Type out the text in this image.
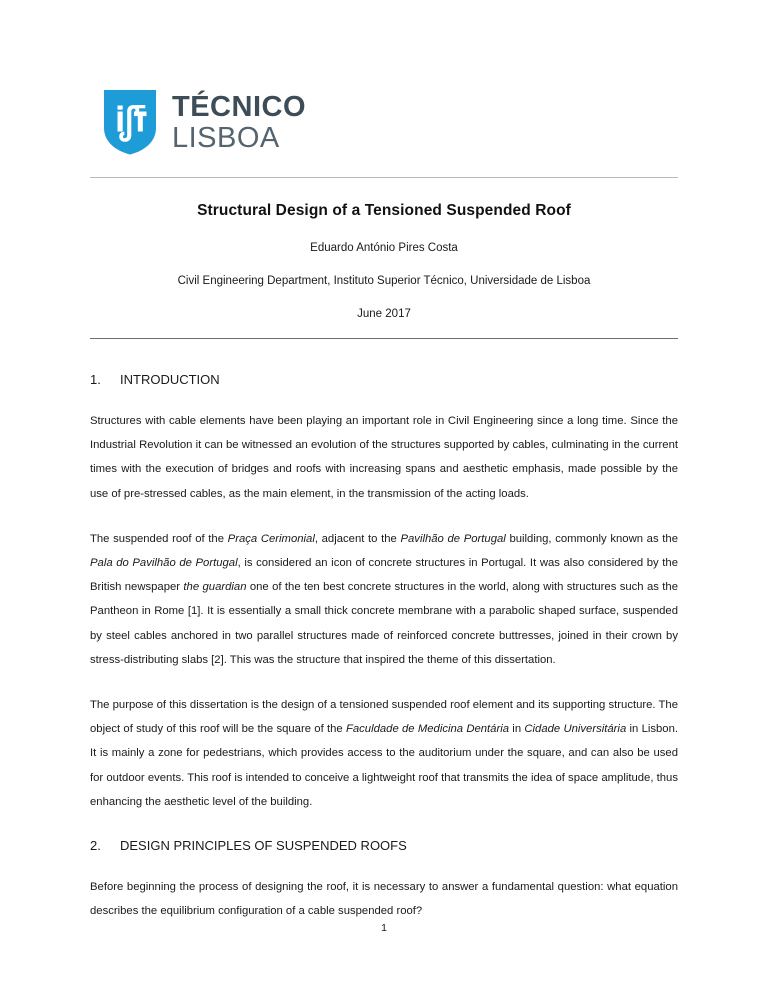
TÉCNICO
LISBOA
Structural Design of a Tensioned Suspended Roof
Eduardo António Pires Costa
Civil Engineering Department, Instituto Superior Técnico, Universidade de Lisboa
June 2017
1.	INTRODUCTION

Structures with cable elements have been playing an important role in Civil Engineering since a long time. Since the Industrial Revolution it can be witnessed an evolution of the structures supported by cables, culminating in the current times with the execution of bridges and roofs with increasing spans and aesthetic emphasis, made possible by the use of pre-stressed cables, as the main element, in the transmission of the acting loads.

The suspended roof of the Praça Cerimonial, adjacent to the Pavilhão de Portugal building, commonly known as the Pala do Pavilhão de Portugal, is considered an icon of concrete structures in Portugal. It was also considered by the British newspaper the guardian one of the ten best concrete structures in the world, along with structures such as the Pantheon in Rome [1]. It is essentially a small thick concrete membrane with a parabolic shaped surface, suspended by steel cables anchored in two parallel structures made of reinforced concrete buttresses, joined in their crown by stress-distributing slabs [2]. This was the structure that inspired the theme of this dissertation.

The purpose of this dissertation is the design of a tensioned suspended roof element and its supporting structure. The object of study of this roof will be the square of the Faculdade de Medicina Dentária in Cidade Universitária in Lisbon. It is mainly a zone for pedestrians, which provides access to the auditorium under the square, and can also be used for outdoor events. This roof is intended to conceive a lightweight roof that transmits the idea of space amplitude, thus enhancing the aesthetic level of the building.

2.	DESIGN PRINCIPLES OF SUSPENDED ROOFS

Before beginning the process of designing the roof, it is necessary to answer a fundamental question: what equation describes the equilibrium configuration of a cable suspended roof?

1
